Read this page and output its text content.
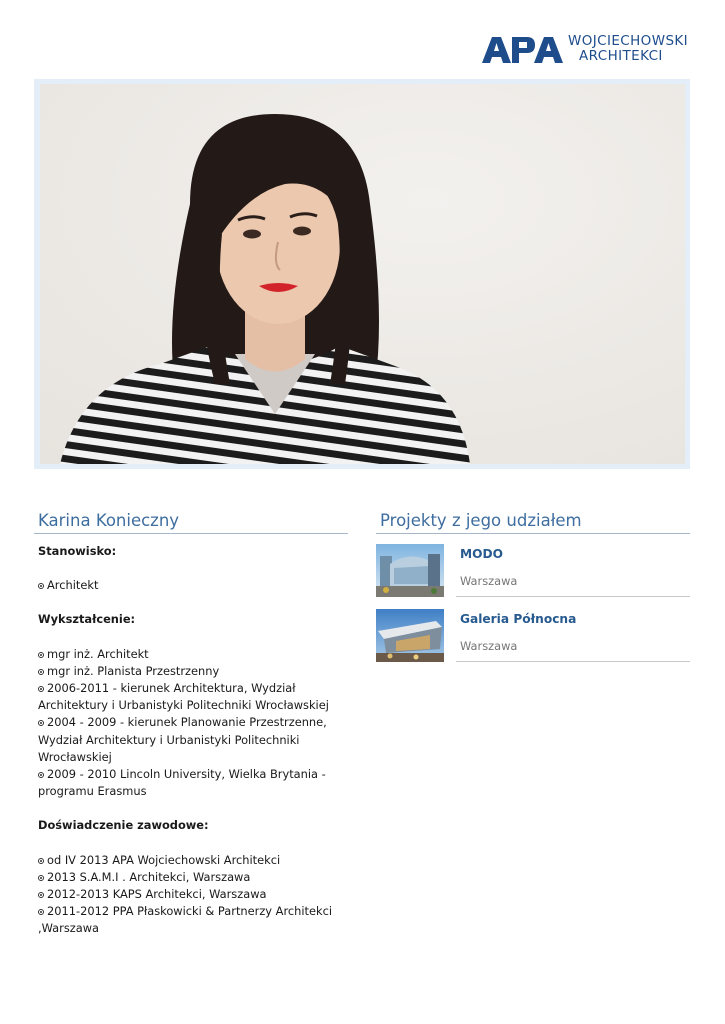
WOJCIECHOWSKI
ARCHITEKCI
Karina Konieczny
Stanowisko:
Architekt
Wykształcenie:
mgr inż. Architekt
mgr inż. Planista Przestrzenny
2006-2011 - kierunek Architektura, Wydział Architektury i Urbanistyki Politechniki Wrocławskiej
2004 - 2009 - kierunek Planowanie Przestrzenne, Wydział Architektury i Urbanistyki Politechniki Wrocławskiej
2009 - 2010 Lincoln University, Wielka Brytania - programu Erasmus
Doświadczenie zawodowe:
od IV 2013 APA Wojciechowski Architekci
2013 S.A.M.I . Architekci, Warszawa
2012-2013 KAPS Architekci, Warszawa
2011-2012 PPA Płaskowicki & Partnerzy Architekci ,Warszawa
Projekty z jego udziałem
MODO
Warszawa
Galeria Północna
Warszawa
